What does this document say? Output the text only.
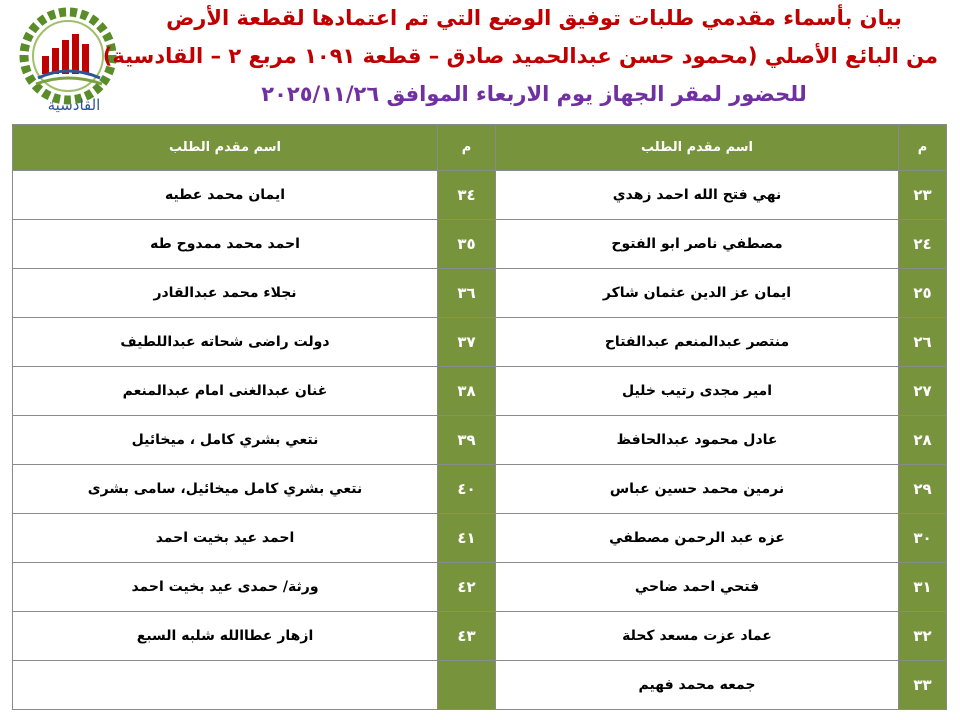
القادسية
بيان بأسماء مقدمي طلبات توفيق الوضع التي تم اعتمادها لقطعة الأرض
من البائع الأصلي (محمود حسن عبدالحميد صادق – قطعة ١٠٩١ مربع ٢ – القادسية)
للحضور لمقر الجهاز يوم الاربعاء الموافق ٢٠٢٥/١١/٢٦
م	اسم مقدم الطلب	م	اسم مقدم الطلب
٢٣	نهي فتح الله احمد زهدي	٣٤	ايمان محمد عطيه
٢٤	مصطفي ناصر ابو الفتوح	٣٥	احمد محمد ممدوح طه
٢٥	ايمان عز الدين عثمان شاكر	٣٦	نجلاء محمد عبدالقادر
٢٦	منتصر عبدالمنعم عبدالفتاح	٣٧	دولت راضى شحاته عبداللطيف
٢٧	امير مجدى رتيب خليل	٣٨	غنان عبدالغنى امام عبدالمنعم
٢٨	عادل محمود عبدالحافظ	٣٩	نتعي بشري كامل ، ميخائيل
٢٩	نرمين محمد حسين عباس	٤٠	نتعي بشري كامل ميخائيل، سامى بشرى
٣٠	عزه عبد الرحمن مصطفي	٤١	احمد عيد بخيت احمد
٣١	فتحي احمد ضاحي	٤٢	ورثة/ حمدى عيد بخيت احمد
٣٢	عماد عزت مسعد كحلة	٤٣	ازهار عطاالله شلبه السبع
٣٣	جمعه محمد فهيم		
